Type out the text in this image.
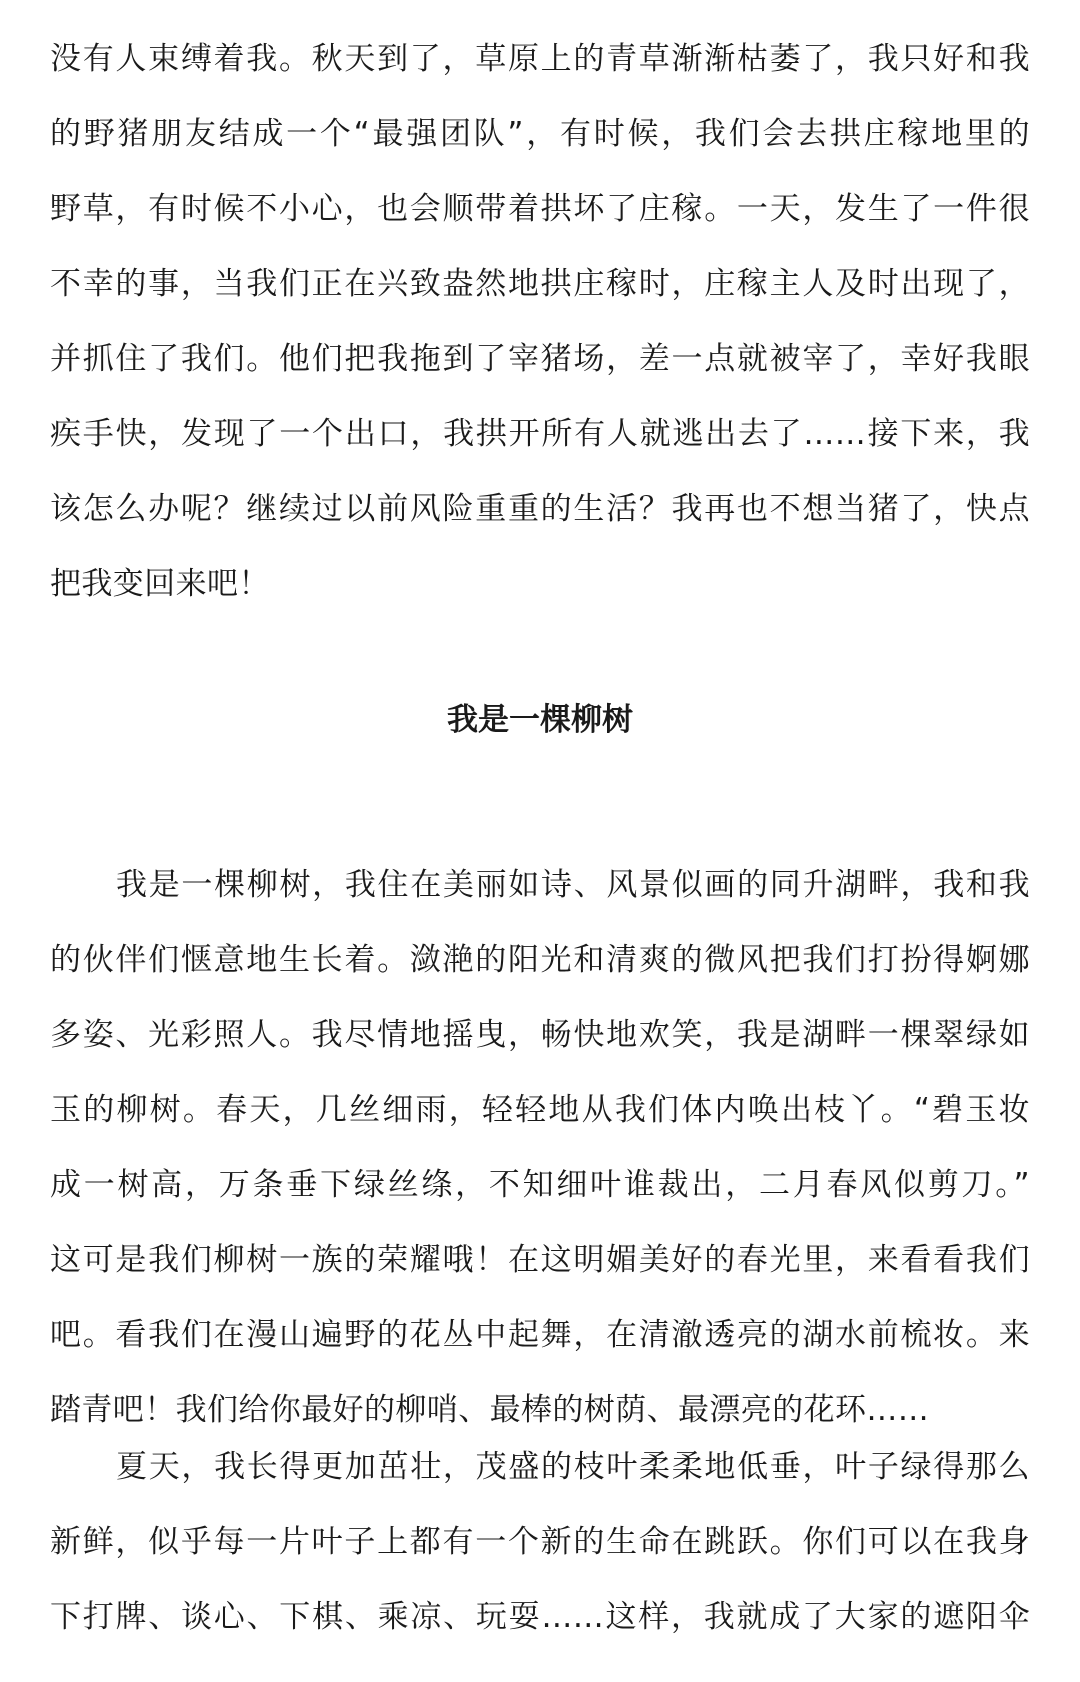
没有人束缚着我。秋天到了，草原上的青草渐渐枯萎了，我只好和我
的野猪朋友结成一个“最强团队”，有时候，我们会去拱庄稼地里的
野草，有时候不小心，也会顺带着拱坏了庄稼。一天，发生了一件很
不幸的事，当我们正在兴致盎然地拱庄稼时，庄稼主人及时出现了，
并抓住了我们。他们把我拖到了宰猪场，差一点就被宰了，幸好我眼
疾手快，发现了一个出口，我拱开所有人就逃出去了……接下来，我
该怎么办呢？继续过以前风险重重的生活？我再也不想当猪了，快点
把我变回来吧！
我是一棵柳树
我是一棵柳树，我住在美丽如诗、风景似画的同升湖畔，我和我
的伙伴们惬意地生长着。潋滟的阳光和清爽的微风把我们打扮得婀娜
多姿、光彩照人。我尽情地摇曳，畅快地欢笑，我是湖畔一棵翠绿如
玉的柳树。春天，几丝细雨，轻轻地从我们体内唤出枝丫。“碧玉妆
成一树高，万条垂下绿丝绦，不知细叶谁裁出，二月春风似剪刀。”
这可是我们柳树一族的荣耀哦！在这明媚美好的春光里，来看看我们
吧。看我们在漫山遍野的花丛中起舞，在清澈透亮的湖水前梳妆。来
踏青吧！我们给你最好的柳哨、最棒的树荫、最漂亮的花环……
夏天，我长得更加茁壮，茂盛的枝叶柔柔地低垂，叶子绿得那么
新鲜，似乎每一片叶子上都有一个新的生命在跳跃。你们可以在我身
下打牌、谈心、下棋、乘凉、玩耍……这样，我就成了大家的遮阳伞
